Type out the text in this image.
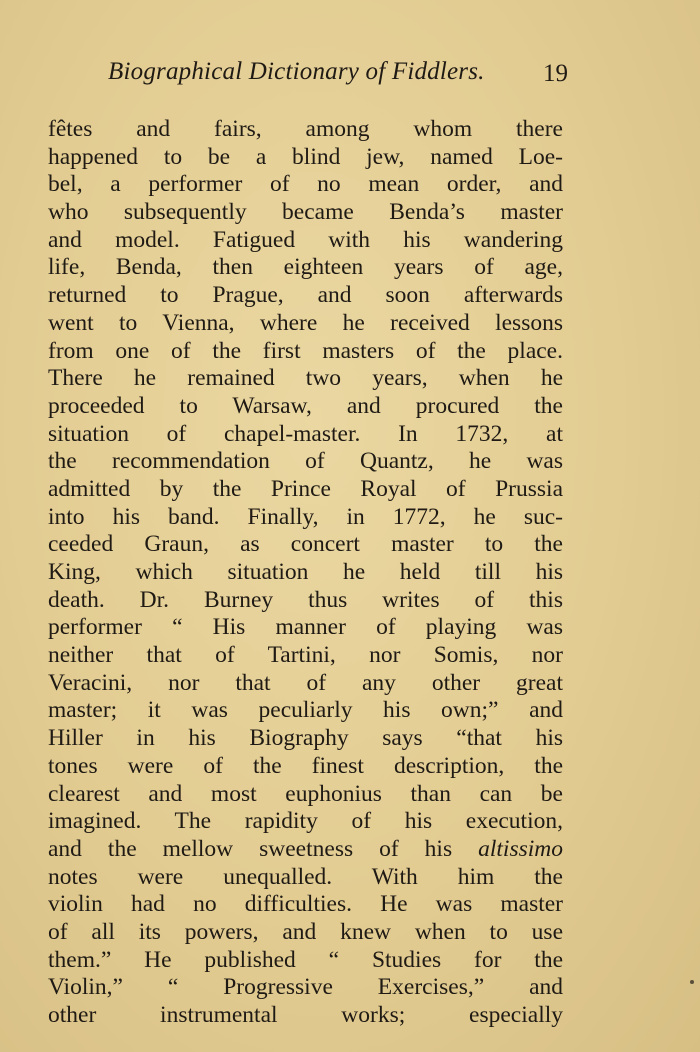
Biographical Dictionary of Fiddlers. 19
fêtes and fairs, among whom there
happened to be a blind jew, named Loe-
bel, a performer of no mean order, and
who subsequently became Benda’s master
and model. Fatigued with his wandering
life, Benda, then eighteen years of age,
returned to Prague, and soon afterwards
went to Vienna, where he received lessons
from one of the first masters of the place.
There he remained two years, when he
proceeded to Warsaw, and procured the
situation of chapel-master. In 1732, at
the recommendation of Quantz, he was
admitted by the Prince Royal of Prussia
into his band. Finally, in 1772, he suc-
ceeded Graun, as concert master to the
King, which situation he held till his
death. Dr. Burney thus writes of this
performer “ His manner of playing was
neither that of Tartini, nor Somis, nor
Veracini, nor that of any other great
master; it was peculiarly his own;” and
Hiller in his Biography says “that his
tones were of the finest description, the
clearest and most euphonius than can be
imagined. The rapidity of his execution,
and the mellow sweetness of his altissimo
notes were unequalled. With him the
violin had no difficulties. He was master
of all its powers, and knew when to use
them.” He published “ Studies for the
Violin,” “ Progressive Exercises,” and
other instrumental works; especially
